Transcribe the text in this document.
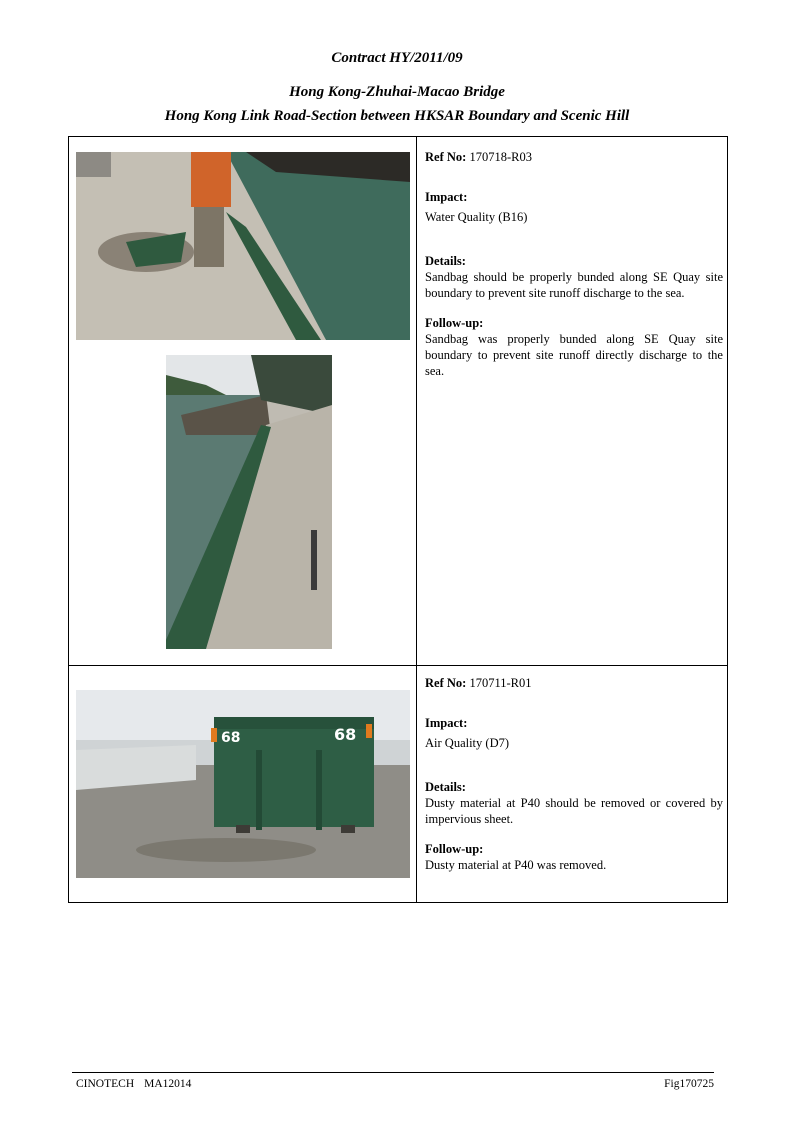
Contract HY/2011/09
Hong Kong-Zhuhai-Macao Bridge
Hong Kong Link Road-Section between HKSAR Boundary and Scenic Hill
68	68

Ref No: 170718-R03

Impact:

Water Quality (B16)

Details:

Sandbag should be properly bunded along SE Quay site boundary to prevent site runoff discharge to the sea.

Follow-up:

Sandbag was properly bunded along SE Quay site boundary to prevent site runoff directly discharge to the sea.

Ref No: 170711-R01

Impact:

Air Quality (D7)

Details:

Dusty material at P40 should be removed or covered by impervious sheet.

Follow-up:

Dusty material at P40 was removed.

CINOTECH MA12014	Fig170725
